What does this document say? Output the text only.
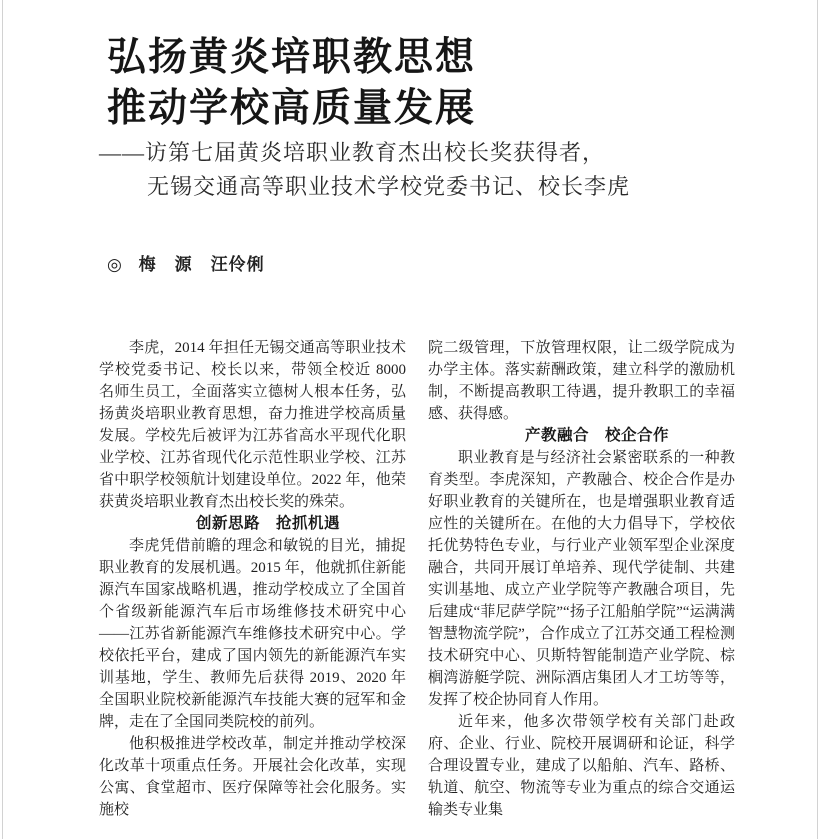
弘扬黄炎培职教思想
推动学校高质量发展
——访第七届黄炎培职业教育杰出校长奖获得者，
无锡交通高等职业技术学校党委书记、校长李虎
◎ 梅　源　汪伶俐

李虎，2014 年担任无锡交通高等职业技术学校党委书记、校长以来，带领全校近 8000 名师生员工，全面落实立德树人根本任务，弘扬黄炎培职业教育思想，奋力推进学校高质量发展。学校先后被评为江苏省高水平现代化职业学校、江苏省现代化示范性职业学校、江苏省中职学校领航计划建设单位。2022 年，他荣获黄炎培职业教育杰出校长奖的殊荣。

创新思路　抢抓机遇

李虎凭借前瞻的理念和敏锐的目光，捕捉职业教育的发展机遇。2015 年，他就抓住新能源汽车国家战略机遇，推动学校成立了全国首个省级新能源汽车后市场维修技术研究中心——江苏省新能源汽车维修技术研究中心。学校依托平台，建成了国内领先的新能源汽车实训基地，学生、教师先后获得 2019、2020 年全国职业院校新能源汽车技能大赛的冠军和金牌，走在了全国同类院校的前列。

他积极推进学校改革，制定并推动学校深化改革十项重点任务。开展社会化改革，实现公寓、食堂超市、医疗保障等社会化服务。实施校

院二级管理，下放管理权限，让二级学院成为办学主体。落实薪酬政策，建立科学的激励机制，不断提高教职工待遇，提升教职工的幸福感、获得感。

产教融合　校企合作

职业教育是与经济社会紧密联系的一种教育类型。李虎深知，产教融合、校企合作是办好职业教育的关键所在，也是增强职业教育适应性的关键所在。在他的大力倡导下，学校依托优势特色专业，与行业产业领军型企业深度融合，共同开展订单培养、现代学徒制、共建实训基地、成立产业学院等产教融合项目，先后建成“菲尼萨学院”“扬子江船舶学院”“运满满智慧物流学院”，合作成立了江苏交通工程检测技术研究中心、贝斯特智能制造产业学院、棕榈湾游艇学院、洲际酒店集团人才工坊等等，发挥了校企协同育人作用。

近年来，他多次带领学校有关部门赴政府、企业、行业、院校开展调研和论证，科学合理设置专业，建成了以船舶、汽车、路桥、轨道、航空、物流等专业为重点的综合交通运输类专业集
